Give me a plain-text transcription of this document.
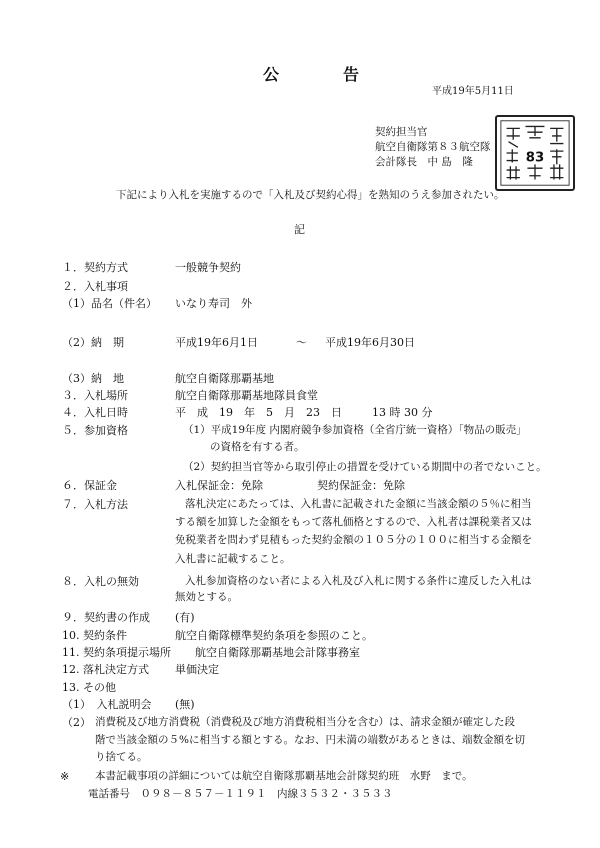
公　告
平成19年5月11日
契約担当官
航空自衛隊第８３航空隊
会計隊長　中 島　隆	83
下記により入札を実施するので「入札及び契約心得」を熟知のうえ参加されたい。
記
１．契約方式	一般競争契約
２．入札事項
（1）品名（件名） いなり寿司　外
（2）納　期	平成19年6月1日	～ 平成19年6月30日
（3）納　地	航空自衛隊那覇基地
３．入札場所	航空自衛隊那覇基地隊員食堂
４．入札日時	平　成　19　年　5　月　23　日	13 時 30 分
５．参加資格	（1）平成19年度 内閣府競争参加資格（全省庁統一資格）「物品の販売」
の資格を有する者。
（2）契約担当官等から取引停止の措置を受けている期間中の者でないこと。
６．保証金	入札保証金：免除	契約保証金：免除
７．入札方法	落札決定にあたっては、入札書に記載された金額に当該金額の５％に相当
する額を加算した金額をもって落札価格とするので、入札者は課税業者又は
免税業者を問わず見積もった契約金額の１０５分の１００に相当する金額を
入札書に記載すること。
８．入札の無効	入札参加資格のない者による入札及び入札に関する条件に違反した入札は
無効とする。
９．契約書の作成 (有)
10. 契約条件	航空自衛隊標準契約条項を参照のこと。
11. 契約条項提示場所 航空自衛隊那覇基地会計隊事務室
12. 落札決定方式 単価決定
13. その他
（1）　入札説明会 (無)
（2） 消費税及び地方消費税（消費税及び地方消費税相当分を含む）は、請求金額が確定した段
階で当該金額の５%に相当する額とする。なお、円未満の端数があるときは、端数金額を切
り捨てる。
※ 本書記載事項の詳細については航空自衛隊那覇基地会計隊契約班　水野　まで。
電話番号　０９８－８５７－１１９１　内線３５３２・３５３３
